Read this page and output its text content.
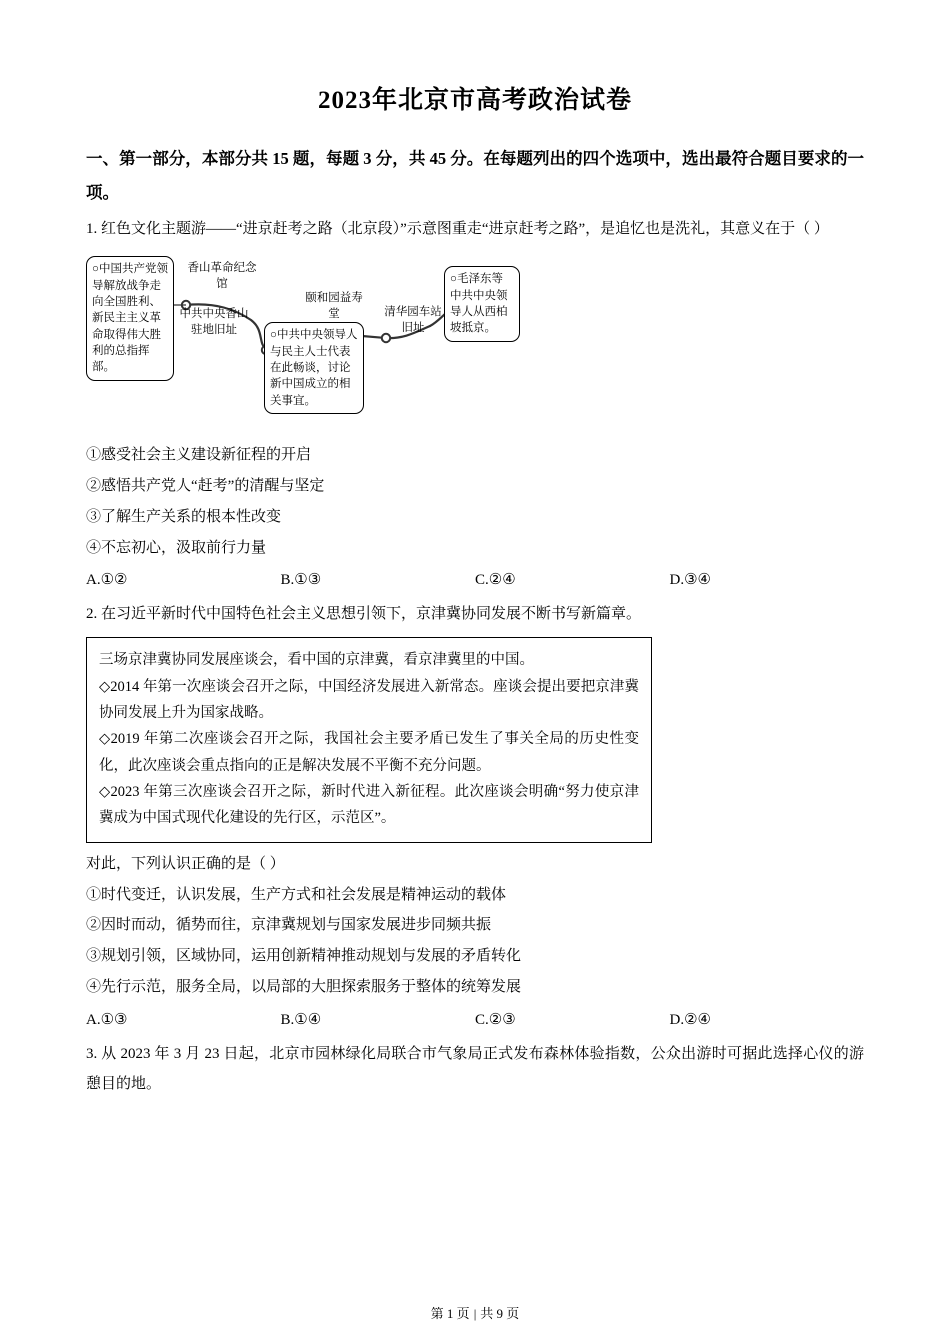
2023年北京市高考政治试卷
一、第一部分，本部分共 15 题，每题 3 分，共 45 分。在每题列出的四个选项中，选出最符合题目要求的一项。

1. 红色文化主题游——“进京赶考之路（北京段）”示意图重走“进京赶考之路”，是追忆也是洗礼，其意义在于（ ）

○中国共产党领导解放战争走向全国胜利、新民主主义革命取得伟大胜利的总指挥部。
○中共中央领导人与民主人士代表在此畅谈，讨论新中国成立的相关事宜。
○毛泽东等中共中央领导人从西柏坡抵京。
香山革命纪念馆
中共中央香山驻地旧址
颐和园益寿堂	清华园车站旧址

①感受社会主义建设新征程的开启

②感悟共产党人“赶考”的清醒与坚定

③了解生产关系的根本性改变

④不忘初心，汲取前行力量

A.①②	B.①③	C.②④	D.③④

2. 在习近平新时代中国特色社会主义思想引领下，京津冀协同发展不断书写新篇章。

三场京津冀协同发展座谈会，看中国的京津冀，看京津冀里的中国。

◇2014 年第一次座谈会召开之际，中国经济发展进入新常态。座谈会提出要把京津冀协同发展上升为国家战略。

◇2019 年第二次座谈会召开之际，我国社会主要矛盾已发生了事关全局的历史性变化，此次座谈会重点指向的正是解决发展不平衡不充分问题。

◇2023 年第三次座谈会召开之际，新时代进入新征程。此次座谈会明确“努力使京津冀成为中国式现代化建设的先行区，示范区”。

对此，下列认识正确的是（ ）

①时代变迁，认识发展，生产方式和社会发展是精神运动的载体

②因时而动，循势而往，京津冀规划与国家发展进步同频共振

③规划引领，区域协同，运用创新精神推动规划与发展的矛盾转化

④先行示范，服务全局，以局部的大胆探索服务于整体的统筹发展

A.①③	B.①④	C.②③	D.②④

3. 从 2023 年 3 月 23 日起，北京市园林绿化局联合市气象局正式发布森林体验指数，公众出游时可据此选择心仪的游憩目的地。

第 1 页 | 共 9 页
